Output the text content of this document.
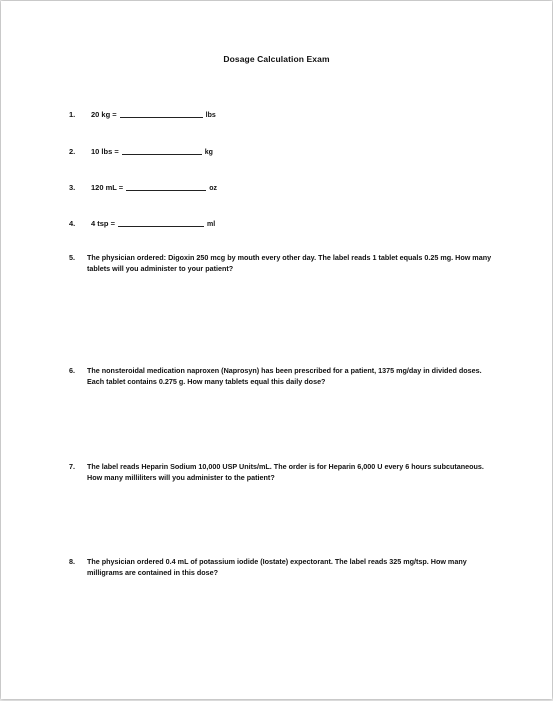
Dosage Calculation Exam
1.	20 kg =	lbs
2.	10 lbs =	kg
3.	120 mL =	oz
4.	4 tsp =	ml
5.	The physician ordered: Digoxin 250 mcg by mouth every other day. The label reads 1 tablet equals 0.25 mg. How many tablets will you administer to your patient?
6.	The nonsteroidal medication naproxen (Naprosyn) has been prescribed for a patient, 1375 mg/day in divided doses. Each tablet contains 0.275 g. How many tablets equal this daily dose?
7.	The label reads Heparin Sodium 10,000 USP Units/mL. The order is for Heparin 6,000 U every 6 hours subcutaneous. How many milliliters will you administer to the patient?
8.	The physician ordered 0.4 mL of potassium iodide (Iostate) expectorant. The label reads 325 mg/tsp. How many milligrams are contained in this dose?
